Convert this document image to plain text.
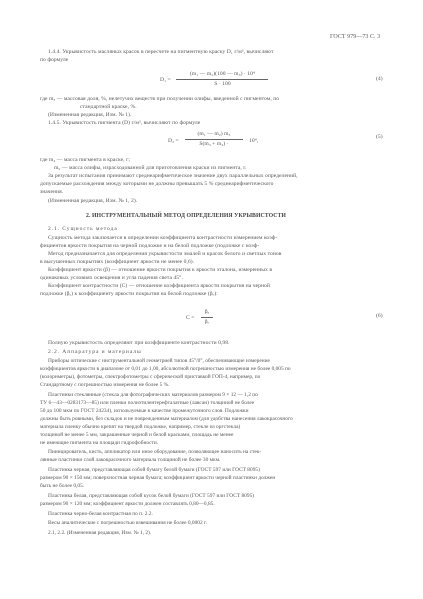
ГОСТ 979—73 С. 3
1.4.4. Укрывистость масляных красок в пересчете на пигментную краску D₁ г/м², вычисляют
по формуле
D₁ =
(m₁ — m₂)(100 — m₃) · 10⁴
S · 100
(4)
где m₃ — массовая доля, %, нелетучих веществ при получении олифы, введенной с пигментом, по
стандартной краске, %.
(Измененная редакция, Изм. № 1).
1.4.5. Укрывистость пигмента (D) г/м², вычисляют по формуле
D₂ =
(m₁ — m₂) m₃
S(m₃ + m₄) ·	10⁴,
(5)
где m₄ — масса пигмента в краске, г;
m₅ — масса олифы, израсходованной для приготовления краски из пигмента, г.
За результат испытания принимают среднеарифметическое значение двух параллельных определений,
допускаемые расхождения между которыми не должны превышать 5 % среднеарифметического
значения.
(Измененная редакция, Изм. № 1, 2).
2. ИНСТРУМЕНТАЛЬНЫЙ МЕТОД ОПРЕДЕЛЕНИЯ УКРЫВИСТОСТИ
2.1. Сущность метода
Сущность метода заключается в определении коэффициента контрастности измерением коэф-
фициентов яркости покрытия на черной подложке и на белой подложке (подложке с коэф-
Метод предназначается для определения укрывистости эмалей и красок белого и светлых тонов
в высушенных покрытиях (коэффициент яркости не менее 0,6).
Коэффициент яркости (β) — отношение яркости покрытия к яркости эталона, измеренных в
одинаковых условиях освещения и угла падения света 45°.
Коэффициент контрастности (C) — отношение коэффициента яркости покрытия на черной
подложке (βₐ) к коэффициенту яркости покрытия на белой подложке (βₒ):
C =
βₐ
βₒ
(6)
Полную укрывистость определяют при коэффициенте контрастности 0,98.
2.2. Аппаратура и материалы
Приборы оптические с инструментальной геометрией типов 45°/0°, обеспечивающие измерение
коэффициентов яркости в диапазоне от 0,01 до 1,00, абсолютной погрешностью измерения не более 0,005 по
(колориметры), фотометры, спектрофотометры с сферической приставкой ГОП-4, например, по
Стандартному с погрешностью измерения не более 5 %.
Пластинки стеклянные (стекла для фотографических материалов размером 9 × 12 — 1,2 по
ТУ 6—43—0283173—85) или пленки полиэтилентерефталатные (лавсан) толщиной не более
50 до 100 мкм по ГОСТ 24234), используемые в качестве промежуточного слоя. Подложки
должны быть ровными, без складок и не поврежденным материалом (для удобства нанесения лакокрасочного
материала пленку обычно крепят на твердой подложке, например, стекле из оргстекла)
толщиной не менее 5 мм, закрашенные черной и белой красками, площадь не менее
не имеющие пигмента на площади гидрофобности.
Пиинцирователь, кисть, аппликатор или иное оборудование, позволяющее наносить на стек-
лянные пластинки слой лакокрасочного материала толщиной не более 30 мкм.
Пластинка черная, представляющая собой бумагу белой бумаги (ГОСТ 597 или ГОСТ 8095)
размером 90 × 150 мм; поверхностная черная бумага; коэффициент яркости черной пластинки должен
быть не более 0,05.
Пластинка белая, представляющая собой кусок белой бумаги (ГОСТ 597 или ГОСТ 8095)
размером 90 × 120 мм; коэффициент яркости должен составлять 0,80—0,85.
Пластинка черно-белая контрастная по п. 2.2.
Весы аналитические с погрешностью взвешивания не более 0,0002 г.
2.1, 2.2. (Измененная редакция, Изм. № 1, 2).
